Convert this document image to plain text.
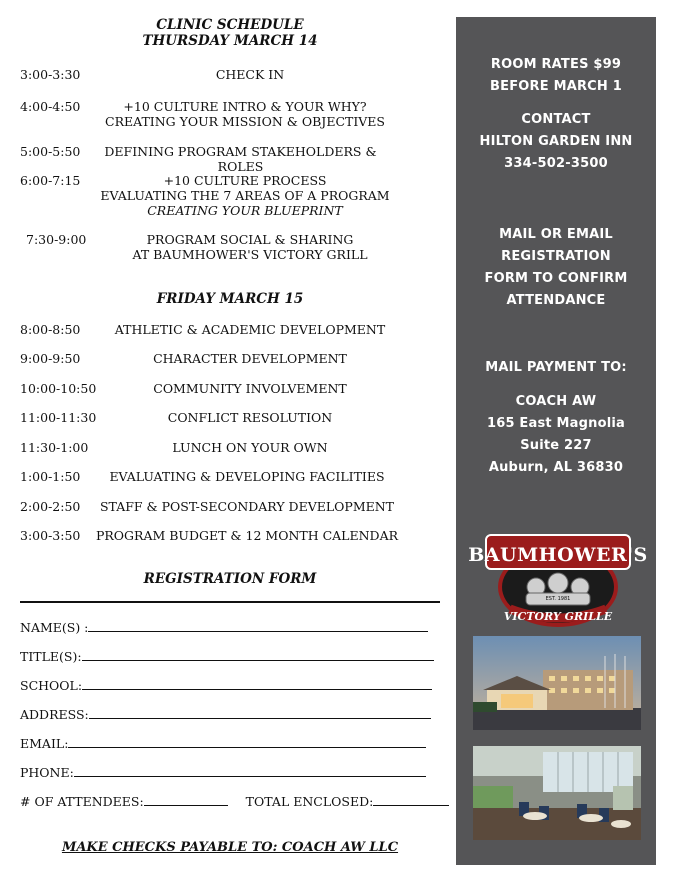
CLINIC SCHEDULE
THURSDAY MARCH 14
3:00-3:30	CHECK IN
4:00-4:50	+10 CULTURE INTRO & YOUR WHY?
CREATING YOUR MISSION & OBJECTIVES
5:00-5:50	DEFINING PROGRAM STAKEHOLDERS & ROLES
6:00-7:15	+10 CULTURE PROCESS
EVALUATING THE 7 AREAS OF A PROGRAM
CREATING YOUR BLUEPRINT
7:30-9:00	PROGRAM SOCIAL & SHARING
AT BAUMHOWER'S VICTORY GRILL
FRIDAY MARCH 15
8:00-8:50	ATHLETIC & ACADEMIC DEVELOPMENT
9:00-9:50	CHARACTER DEVELOPMENT
10:00-10:50	COMMUNITY INVOLVEMENT
11:00-11:30	CONFLICT RESOLUTION
11:30-1:00	LUNCH ON YOUR OWN
1:00-1:50	EVALUATING & DEVELOPING FACILITIES
2:00-2:50	STAFF & POST-SECONDARY DEVELOPMENT
3:00-3:50	PROGRAM BUDGET & 12 MONTH CALENDAR
REGISTRATION FORM
NAME(S) :
TITLE(S):
SCHOOL:
ADDRESS:
EMAIL:
PHONE:
# OF ATTENDEES:	TOTAL ENCLOSED:
MAKE CHECKS PAYABLE TO: COACH AW LLC
ROOM RATES $99
BEFORE MARCH 1
CONTACT
HILTON GARDEN INN
334-502-3500
MAIL OR EMAIL
REGISTRATION
FORM TO CONFIRM
ATTENDANCE
MAIL PAYMENT TO:
COACH AW
165 East Magnolia
Suite 227
Auburn, AL 36830
BAUMHOWER'S
EST. 1981
VICTORY GRILLE
